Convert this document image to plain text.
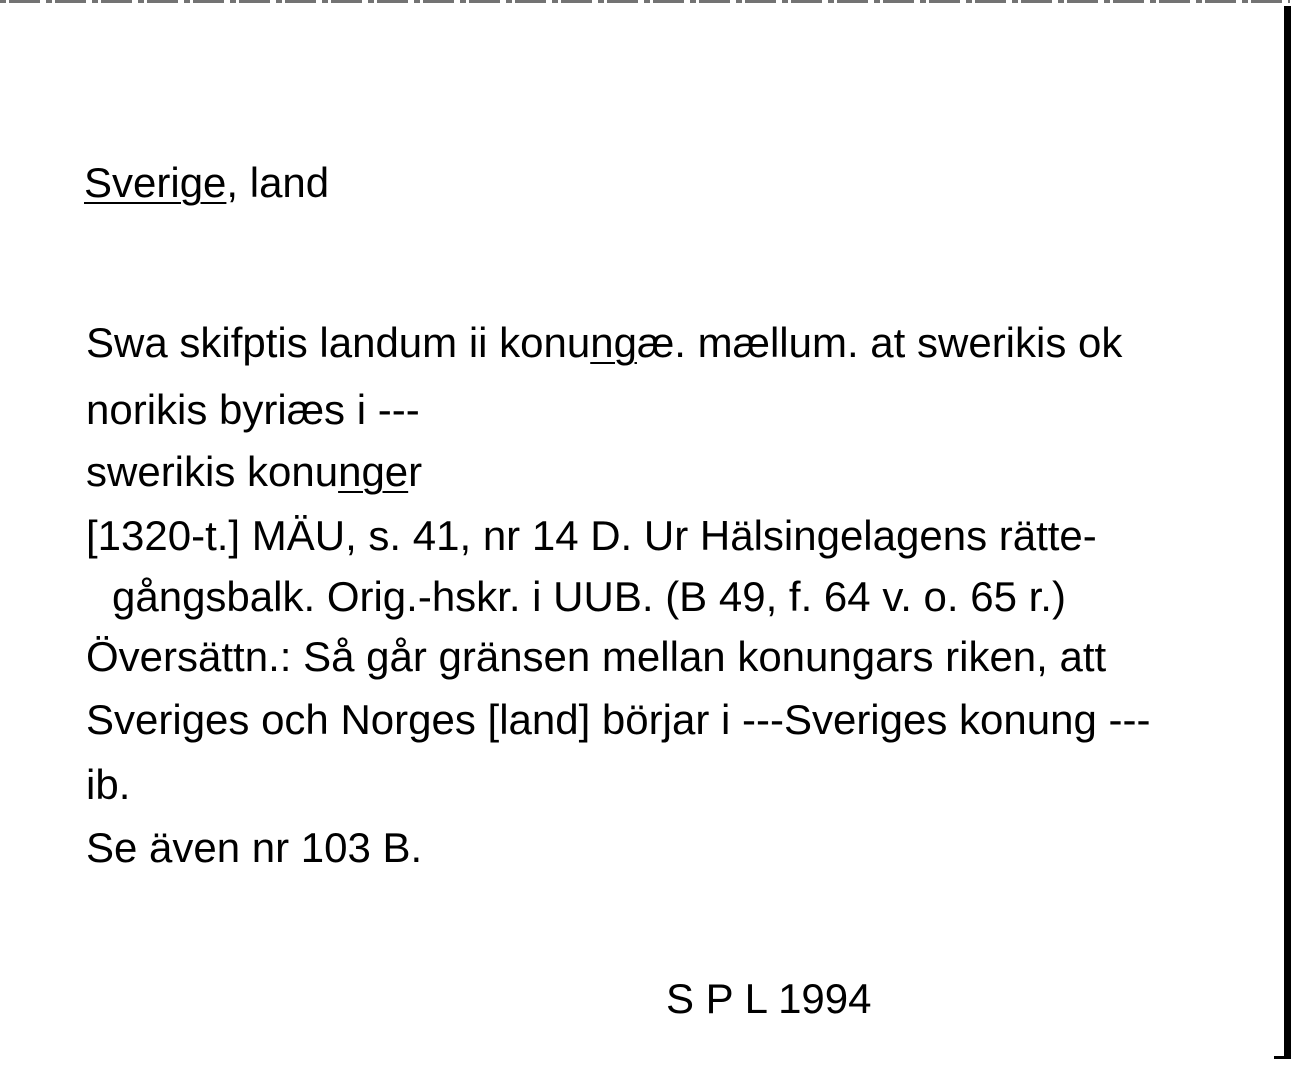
Sverige, land
Swa skifptis landum ii konungæ. mællum. at swerikis ok
norikis byriæs i ---
swerikis konunger
[1320-t.] MÄU, s. 41, nr 14 D. Ur Hälsingelagens rätte-
gångsbalk. Orig.-hskr. i UUB. (B 49, f. 64 v. o. 65 r.)
Översättn.: Så går gränsen mellan konungars riken, att
Sveriges och Norges [land] börjar i ---Sveriges konung ---
ib.
Se även nr 103 B.
S P L 1994
